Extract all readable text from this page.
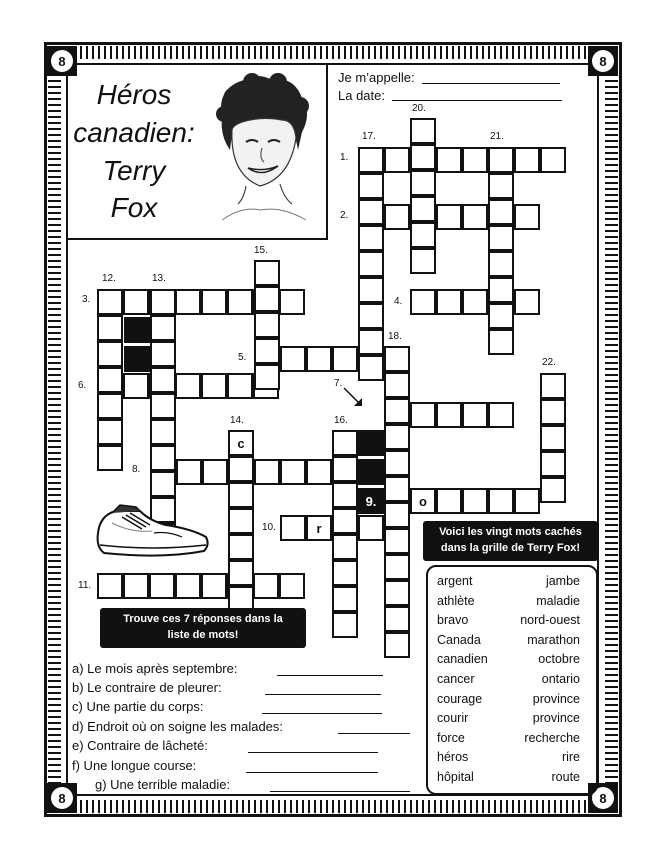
8	8
8	8
Héros
canadien:
Terry
Fox
Je m’appelle:
La date:
9.	o
r
c
1.
2.
3.	4.
5.
6.	7.
8.
10.
11.
12.	13.
14.
15.
16.
17.
18.
20.
21.
22.
Trouve ces 7 réponses dans la liste de mots!
Voici les vingt mots cachés dans la grille de Terry Fox!
argent
athlète
bravo
Canada
canadien
cancer
courage
courir
force
héros
hôpital
jambe
maladie
nord-ouest
marathon
octobre
ontario
province
province
recherche
rire
route
a) Le mois après septembre:
b) Le contraire de pleurer:
c) Une partie du corps:
d) Endroit où on soigne les malades:
e) Contraire de lâcheté:
f) Une longue course:
g) Une terrible maladie:
